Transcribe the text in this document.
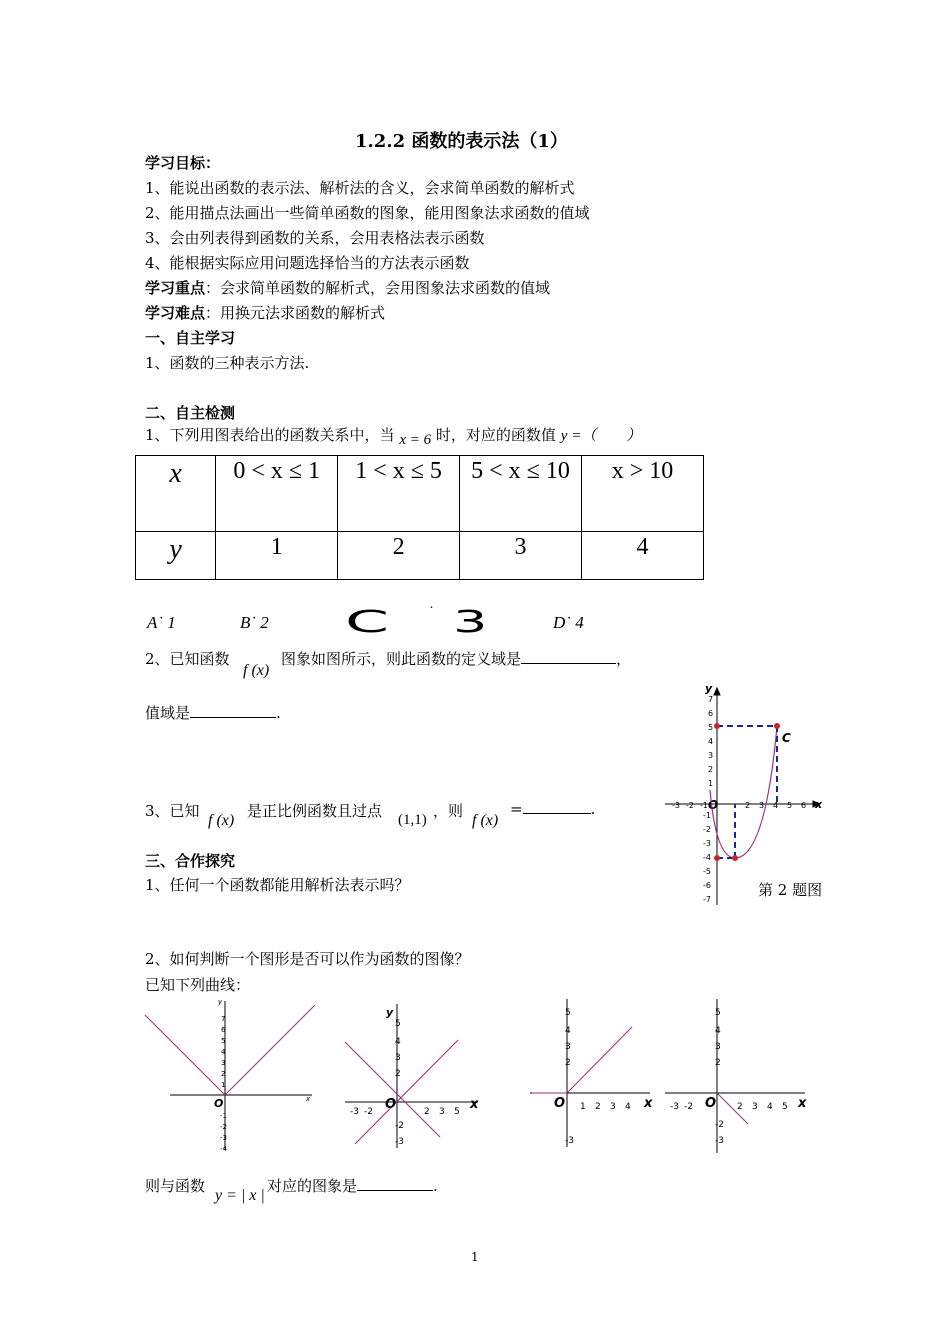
1.2.2 函数的表示法（1）
学习目标：
1、能说出函数的表示法、解析法的含义，会求简单函数的解析式
2、能用描点法画出一些简单函数的图象，能用图象法求函数的值域
3、会由列表得到函数的关系，会用表格法表示函数
4、能根据实际应用问题选择恰当的方法表示函数
学习重点：会求简单函数的解析式，会用图象法求函数的值域
学习难点：用换元法求函数的解析式
一、自主学习
1、函数的三种表示方法.
二、自主检测
1、下列用图表给出的函数关系中，当 x = 6 时，对应的函数值 y =（　　）
x	0 < x ≤ 1	1 < x ≤ 5	5 < x ≤ 10	x > 10
y	1	2	3	4
A˙ 1	B˙ 2	C	˙ 3	D˙ 4
2、已知函数
f (x)
图象如图所示，则此函数的定义域是	，
值域是	.
3、已知
f (x)
是正比例函数且过点 (1,1) ，则
f (x)
=	.
y
x
O
C
7
6
5
4
3
2
1
-1
-2
-3
-4
-5
-6
-7
-3 -2 -1	2 3 4 5 6
第 2 题图
三、合作探究
1、任何一个函数都能用解析法表示吗？
2、如何判断一个图形是否可以作为函数的图像？
已知下列曲线：
y
x
O
7
6
5
4
3
2
1
-1
-2
-3
-4
y
x
O
-3 -2	2 3 5
5
4
3
2
-2
-3
O	x
1 2 3 4
5
4
3
2
-3
O	x
-3 -2	2 3 4 5
5
4
3
2
-2
-3
则与函数
y = | x |
对应的图象是	.
1
